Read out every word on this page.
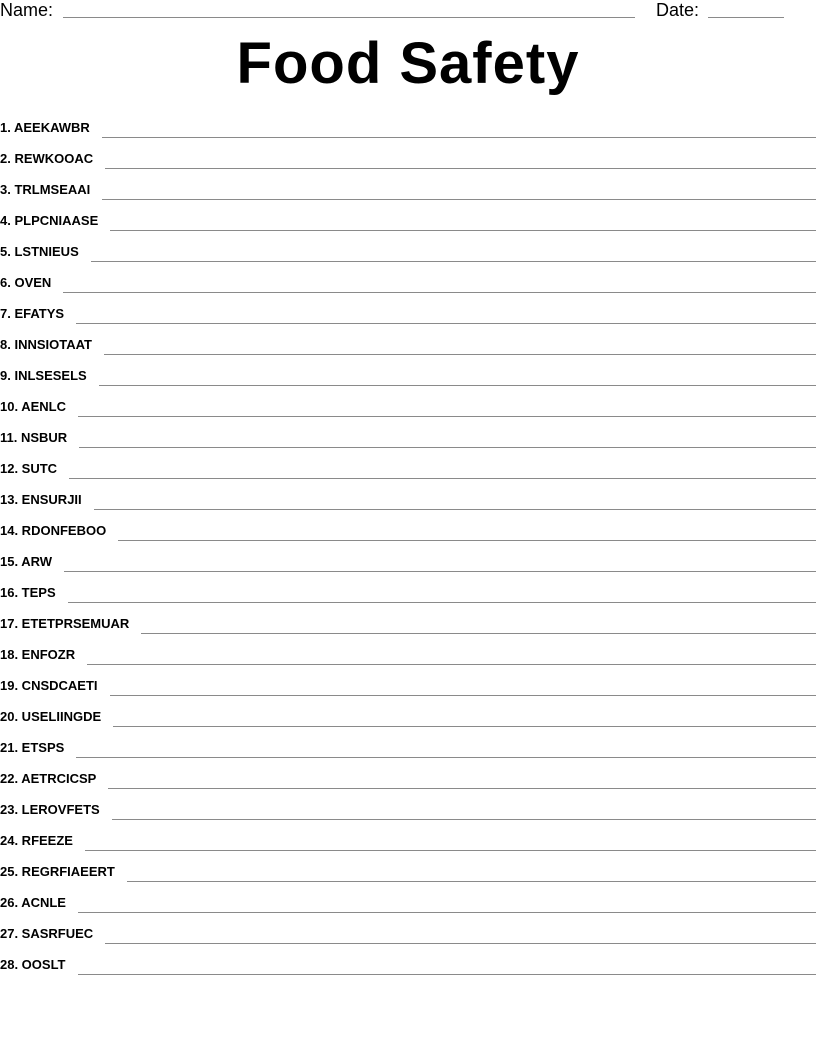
Name:	Date:
Food Safety
1. AEEKAWBR
2. REWKOOAC
3. TRLMSEAAI
4. PLPCNIAASE
5. LSTNIEUS
6. OVEN
7. EFATYS
8. INNSIOTAAT
9. INLSESELS
10. AENLC
11. NSBUR
12. SUTC
13. ENSURJII
14. RDONFEBOO
15. ARW
16. TEPS
17. ETETPRSEMUAR
18. ENFOZR
19. CNSDCAETI
20. USELIINGDE
21. ETSPS
22. AETRCICSP
23. LEROVFETS
24. RFEEZE
25. REGRFIAEERT
26. ACNLE
27. SASRFUEC
28. OOSLT
